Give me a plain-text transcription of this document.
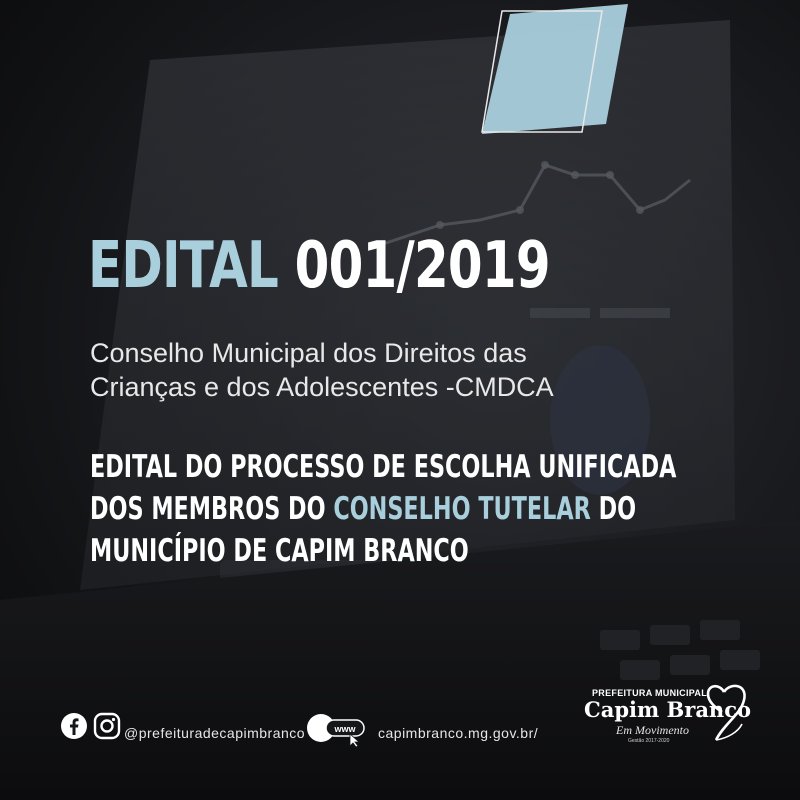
EDITAL 001/2019

Conselho Municipal dos Direitos das
Crianças e dos Adolescentes -CMDCA

EDITAL DO PROCESSO DE ESCOLHA UNIFICADA
DOS MEMBROS DO CONSELHO TUTELAR DO
MUNICÍPIO DE CAPIM BRANCO
@prefeituradecapimbranco	www capimbranco.mg.gov.br/
PREFEITURA MUNICIPAL
Capim Branco
Em Movimento
Gestão 2017-2020
